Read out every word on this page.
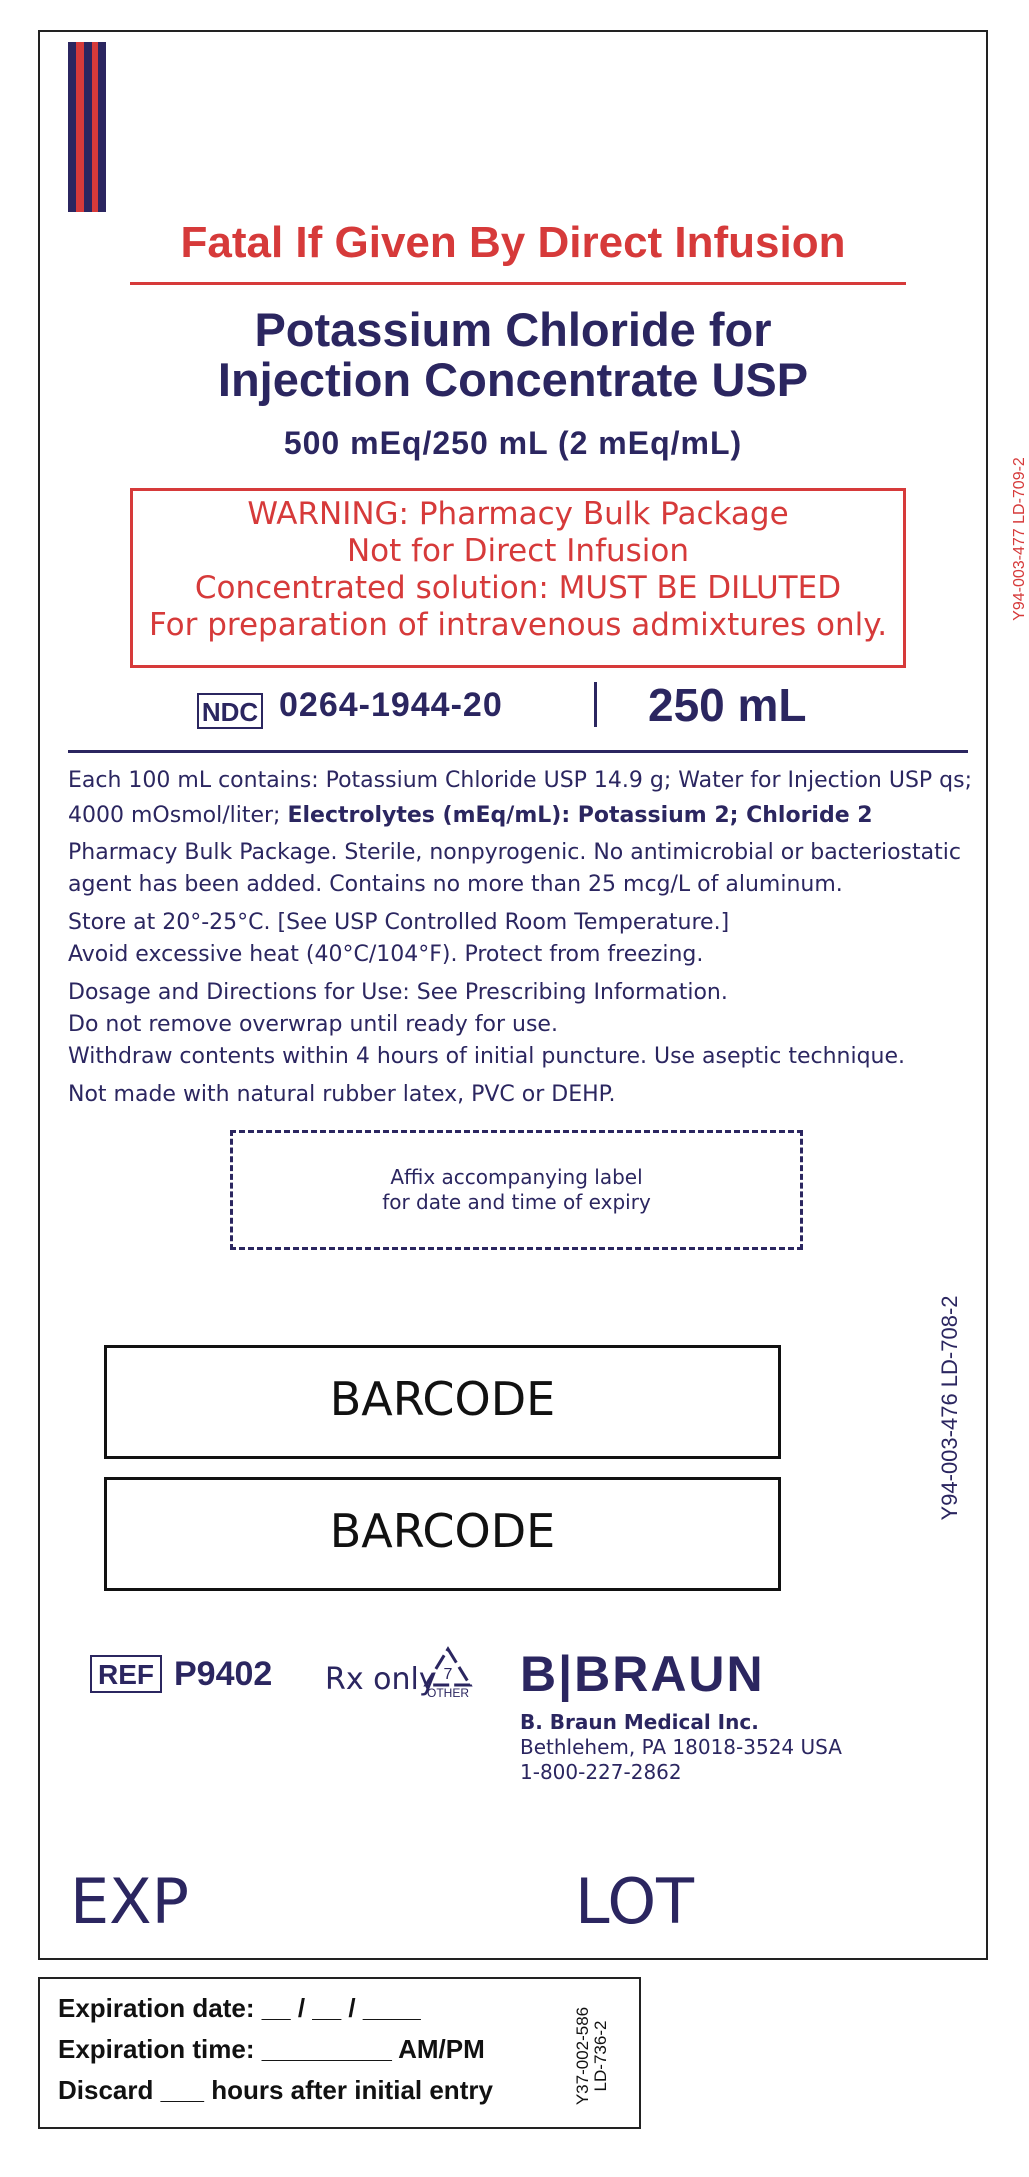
Fatal If Given By Direct Infusion
Potassium Chloride for
Injection Concentrate USP
500 mEq/250 mL (2 mEq/mL)
WARNING: Pharmacy Bulk Package
Not for Direct Infusion
Concentrated solution: MUST BE DILUTED
For preparation of intravenous admixtures only.
Y94-003-477 LD-709-2
NDC 0264-1944-20	250 mL
Each 100 mL contains: Potassium Chloride USP 14.9 g; Water for Injection USP qs;
4000 mOsmol/liter; Electrolytes (mEq/mL): Potassium 2; Chloride 2
Pharmacy Bulk Package. Sterile, nonpyrogenic. No antimicrobial or bacteriostatic
agent has been added. Contains no more than 25 mcg/L of aluminum.
Store at 20°-25°C. [See USP Controlled Room Temperature.]
Avoid excessive heat (40°C/104°F). Protect from freezing.
Dosage and Directions for Use: See Prescribing Information.
Do not remove overwrap until ready for use.
Withdraw contents within 4 hours of initial puncture. Use aseptic technique.
Not made with natural rubber latex, PVC or DEHP.
Affix accompanying label
for date and time of expiry
BARCODE
BARCODE
Y94-003-476 LD-708-2
REF P9402 Rx only 7
OTHER B|BRAUN
B. Braun Medical Inc.
Bethlehem, PA 18018-3524 USA
1-800-227-2862
EXP	LOT
Expiration date: __ / __ / ____
Expiration time: _________ AM/PM
Discard ___ hours after initial entry	Y37-002-586 LD-736-2
